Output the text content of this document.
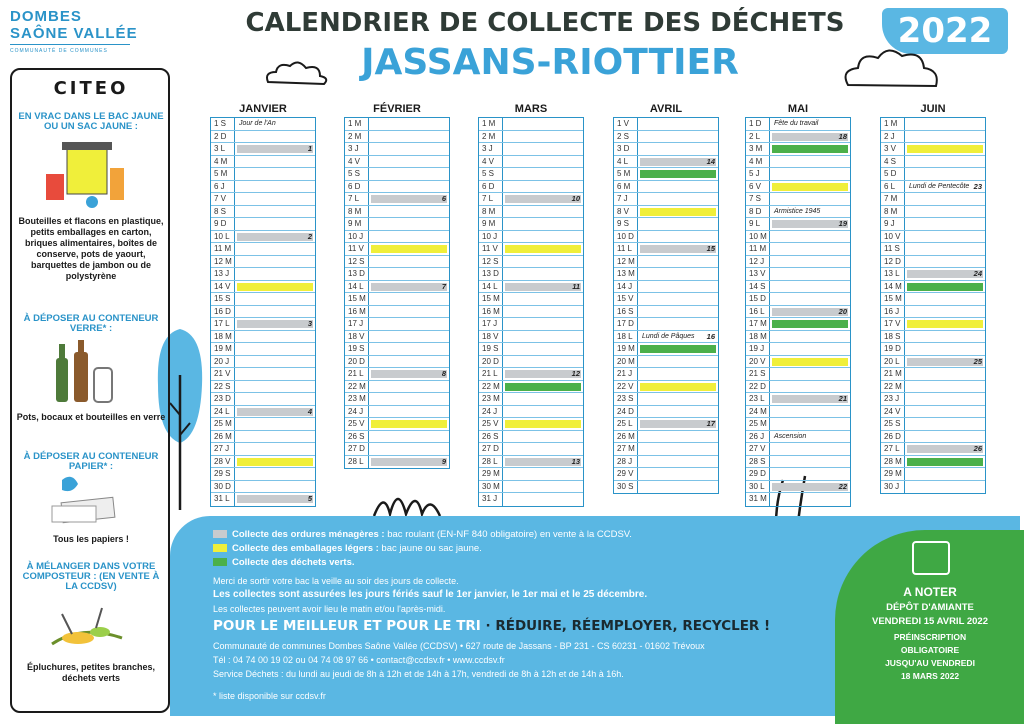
DOMBES
SAÔNE VALLÉE
COMMUNAUTÉ DE COMMUNES
CALENDRIER DE COLLECTE DES DÉCHETS
JASSANS-RIOTTIER
2022
CITEO
EN VRAC DANS LE BAC JAUNE OU UN SAC JAUNE :
Bouteilles et flacons en plastique, petits emballages en carton, briques alimentaires, boîtes de conserve, pots de yaourt, barquettes de jambon ou de polystyrène
À DÉPOSER AU CONTENEUR VERRE* :
Pots, bocaux et bouteilles en verre
À DÉPOSER AU CONTENEUR PAPIER* :
Tous les papiers !
À MÉLANGER DANS VOTRE COMPOSTEUR : (EN VENTE À LA CCDSV)
Épluchures, petites branches, déchets verts
JANVIER
1 S	Jour de l'An
2 D
3 L	1
4 M
5 M
6 J
7 V
8 S
9 D
10 L	2
11 M
12 M
13 J
14 V
15 S
16 D
17 L	3
18 M
19 M
20 J
21 V
22 S
23 D
24 L	4
25 M
26 M
27 J
28 V
29 S
30 D
31 L	5
FÉVRIER
1 M
2 M
3 J
4 V
5 S
6 D
7 L	6
8 M
9 M
10 J
11 V
12 S
13 D
14 L	7
15 M
16 M
17 J
18 V
19 S
20 D
21 L	8
22 M
23 M
24 J
25 V
26 S
27 D
28 L	9
MARS
1 M
2 M
3 J
4 V
5 S
6 D
7 L	10
8 M
9 M
10 J
11 V
12 S
13 D
14 L	11
15 M
16 M
17 J
18 V
19 S
20 D
21 L	12
22 M
23 M
24 J
25 V
26 S
27 D
28 L	13
29 M
30 M
31 J
AVRIL
1 V
2 S
3 D
4 L	14
5 M
6 M
7 J
8 V
9 S
10 D
11 L	15
12 M
13 M
14 J
15 V
16 S
17 D
18 L	Lundi de Pâques 16
19 M
20 M
21 J
22 V
23 S
24 D
25 L	17
26 M
27 M
28 J
29 V
30 S
MAI
1 D	Fête du travail
2 L	18
3 M
4 M
5 J
6 V
7 S
8 D	Armistice 1945
9 L	19
10 M
11 M
12 J
13 V
14 S
15 D
16 L	20
17 M
18 M
19 J
20 V
21 S
22 D
23 L	21
24 M
25 M
26 J	Ascension
27 V
28 S
29 D
30 L	22
31 M
JUIN
1 M
2 J
3 V
4 S
5 D
6 L	Lundi de Pentecôte 23
7 M
8 M
9 J
10 V
11 S
12 D
13 L	24
14 M
15 M
16 J
17 V
18 S
19 D
20 L	25
21 M
22 M
23 J
24 V
25 S
26 D
27 L	26
28 M
29 M
30 J
Collecte des ordures ménagères : bac roulant (EN-NF 840 obligatoire) en vente à la CCDSV.
Collecte des emballages légers : bac jaune ou sac jaune.
Collecte des déchets verts.
Merci de sortir votre bac la veille au soir des jours de collecte.
Les collectes sont assurées les jours fériés sauf le 1er janvier, le 1er mai et le 25 décembre.
Les collectes peuvent avoir lieu le matin et/ou l'après-midi.
POUR LE MEILLEUR ET POUR LE TRI · RÉDUIRE, RÉEMPLOYER, RECYCLER !
Communauté de communes Dombes Saône Vallée (CCDSV) • 627 route de Jassans - BP 231 - CS 60231 - 01602 Trévoux
Tél : 04 74 00 19 02 ou 04 74 08 97 66 • contact@ccdsv.fr • www.ccdsv.fr
Service Déchets : du lundi au jeudi de 8h à 12h et de 14h à 17h, vendredi de 8h à 12h et de 14h à 16h.
* liste disponible sur ccdsv.fr
A NOTER
DÉPÔT D'AMIANTE
VENDREDI 15 AVRIL 2022
PRÉINSCRIPTION
OBLIGATOIRE
JUSQU'AU VENDREDI
18 MARS 2022
